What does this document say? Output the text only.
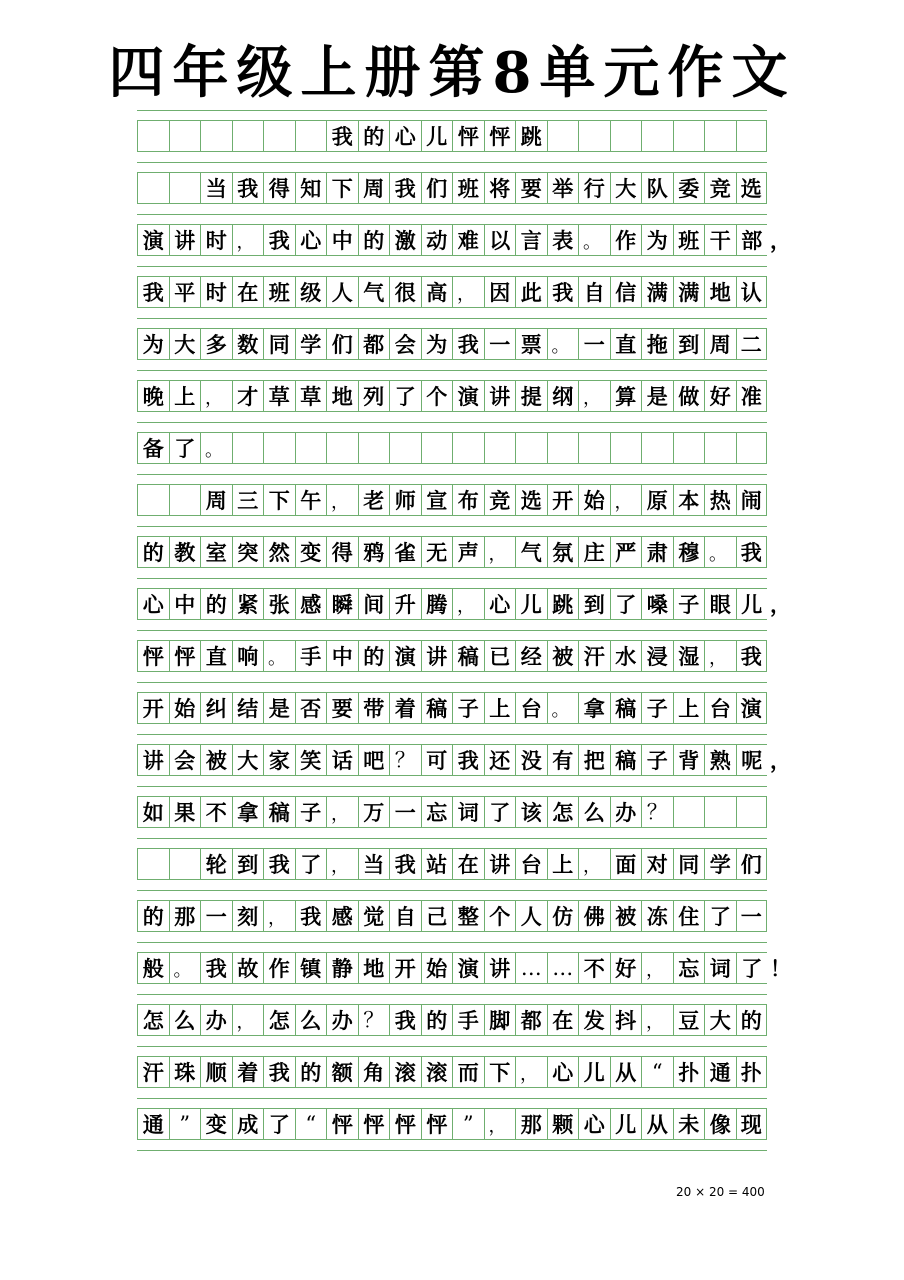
四年级上册第8单元作文
我 的 心 儿 怦 怦 跳
当 我 得 知 下 周 我 们 班 将 要 举 行 大 队 委 竞 选
演 讲 时 ， 我 心 中 的 激 动 难 以 言 表 。 作 为 班 干 部 ，
我 平 时 在 班 级 人 气 很 高 ， 因 此 我 自 信 满 满 地 认
为 大 多 数 同 学 们 都 会 为 我 一 票 。 一 直 拖 到 周 二
晚 上 ， 才 草 草 地 列 了 个 演 讲 提 纲 ， 算 是 做 好 准
备 了 。
周 三 下 午 ， 老 师 宣 布 竞 选 开 始 ， 原 本 热 闹
的 教 室 突 然 变 得 鸦 雀 无 声 ， 气 氛 庄 严 肃 穆 。 我
心 中 的 紧 张 感 瞬 间 升 腾 ， 心 儿 跳 到 了 嗓 子 眼 儿 ，
怦 怦 直 响 。 手 中 的 演 讲 稿 已 经 被 汗 水 浸 湿 ， 我
开 始 纠 结 是 否 要 带 着 稿 子 上 台 。 拿 稿 子 上 台 演
讲 会 被 大 家 笑 话 吧 ？ 可 我 还 没 有 把 稿 子 背 熟 呢 ，
如 果 不 拿 稿 子 ， 万 一 忘 词 了 该 怎 么 办 ？
轮 到 我 了 ， 当 我 站 在 讲 台 上 ， 面 对 同 学 们
的 那 一 刻 ， 我 感 觉 自 己 整 个 人 仿 佛 被 冻 住 了 一
般 。 我 故 作 镇 静 地 开 始 演 讲 … … 不 好 ， 忘 词 了 ！
怎 么 办 ， 怎 么 办 ？ 我 的 手 脚 都 在 发 抖 ， 豆 大 的
汗 珠 顺 着 我 的 额 角 滚 滚 而 下 ， 心 儿 从 “ 扑 通 扑
通 ” 变 成 了 “ 怦 怦 怦 怦 ” ， 那 颗 心 儿 从 未 像 现
20 × 20 = 400
